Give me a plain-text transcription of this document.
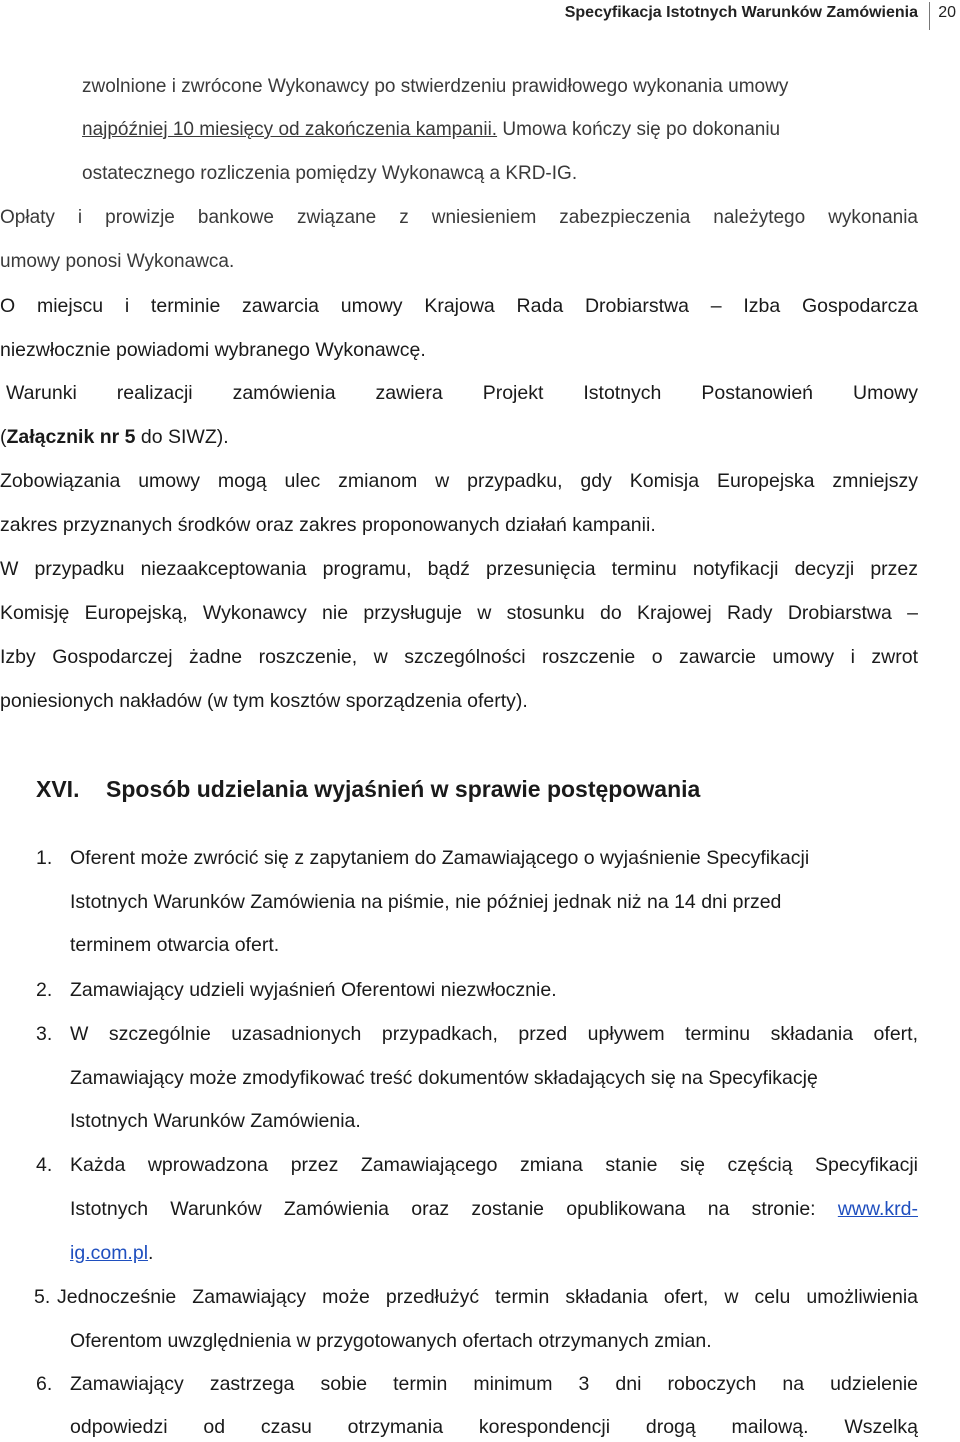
Specyfikacja Istotnych Warunków Zamówienia 20
zwolnione i zwrócone Wykonawcy po stwierdzeniu prawidłowego wykonania umowy
najpóźniej 10 miesięcy od zakończenia kampanii. Umowa kończy się po dokonaniu
ostatecznego rozliczenia pomiędzy Wykonawcą a KRD-IG.
Opłaty i prowizje bankowe związane z wniesieniem zabezpieczenia należytego wykonania
umowy ponosi Wykonawca.
O miejscu i terminie zawarcia umowy Krajowa Rada Drobiarstwa – Izba Gospodarcza
niezwłocznie powiadomi wybranego Wykonawcę.
Warunki realizacji zamówienia zawiera Projekt Istotnych Postanowień Umowy
(Załącznik nr 5 do SIWZ).
Zobowiązania umowy mogą ulec zmianom w przypadku, gdy Komisja Europejska zmniejszy
zakres przyznanych środków oraz zakres proponowanych działań kampanii.
W przypadku niezaakceptowania programu, bądź przesunięcia terminu notyfikacji decyzji przez
Komisję Europejską, Wykonawcy nie przysługuje w stosunku do Krajowej Rady Drobiarstwa –
Izby Gospodarczej żadne roszczenie, w szczególności roszczenie o zawarcie umowy i zwrot
poniesionych nakładów (w tym kosztów sporządzenia oferty).
XVI. Sposób udzielania wyjaśnień w sprawie postępowania
1. Oferent może zwrócić się z zapytaniem do Zamawiającego o wyjaśnienie Specyfikacji
Istotnych Warunków Zamówienia na piśmie, nie później jednak niż na 14 dni przed
terminem otwarcia ofert.
2. Zamawiający udzieli wyjaśnień Oferentowi niezwłocznie.
3. W szczególnie uzasadnionych przypadkach, przed upływem terminu składania ofert,
Zamawiający może zmodyfikować treść dokumentów składających się na Specyfikację
Istotnych Warunków Zamówienia.
4. Każda wprowadzona przez Zamawiającego zmiana stanie się częścią Specyfikacji
Istotnych Warunków Zamówienia oraz zostanie opublikowana na stronie: www.krd-
ig.com.pl.
5. Jednocześnie Zamawiający może przedłużyć termin składania ofert, w celu umożliwienia
Oferentom uwzględnienia w przygotowanych ofertach otrzymanych zmian.
6. Zamawiający zastrzega sobie termin minimum 3 dni roboczych na udzielenie
odpowiedzi od czasu otrzymania korespondencji drogą mailową. Wszelką
